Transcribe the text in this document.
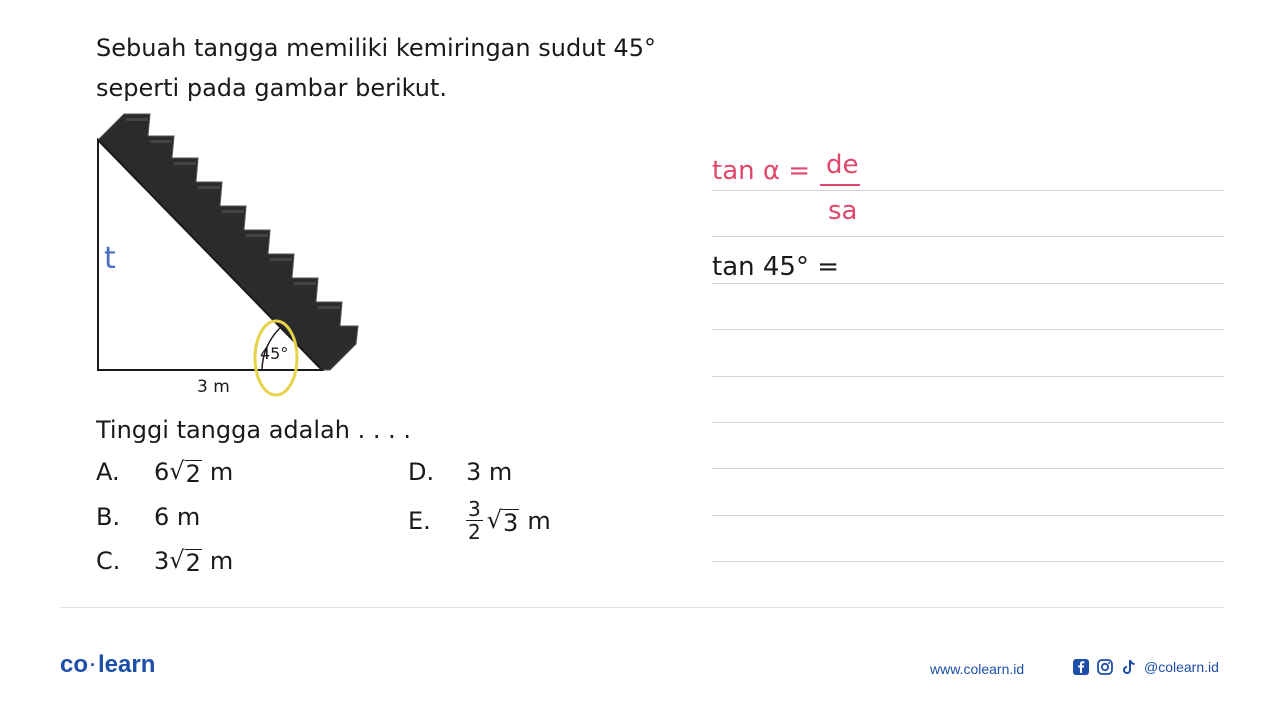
Sebuah tangga memiliki kemiringan sudut 45°
seperti pada gambar berikut.
t
45°
3 m
Tinggi tangga adalah . . . .
A.	6 √ 2 m
B.	6 m
C.	3 √ 2 m
D.	3 m
E.	$\frac{3}{2}$ √ 3 m
tan α = de
sa
tan 45° =
co ·learn	www.colearn.id	@colearn.id
